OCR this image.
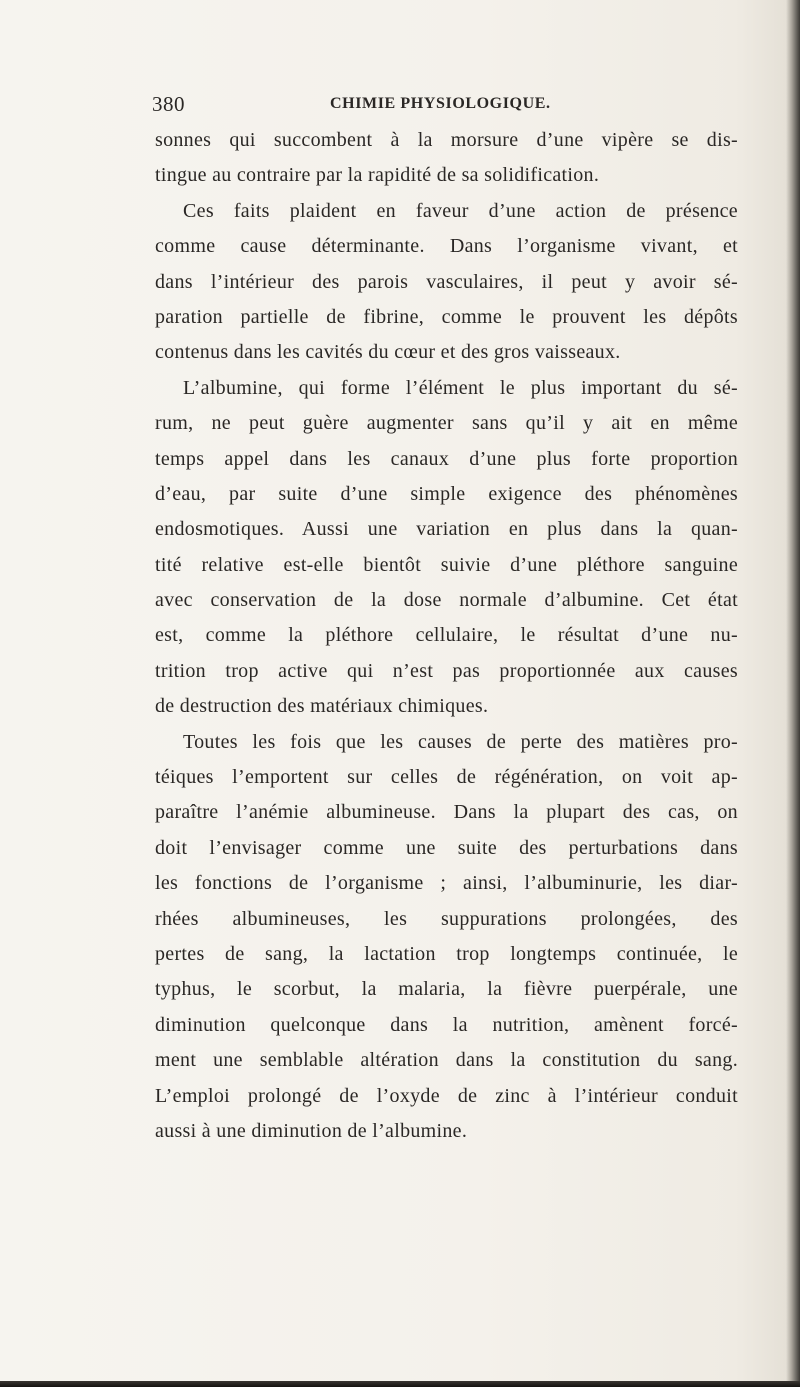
380	CHIMIE PHYSIOLOGIQUE.
sonnes qui succombent à la morsure d’une vipère se dis-
tingue au contraire par la rapidité de sa solidification.
Ces faits plaident en faveur d’une action de présence
comme cause déterminante. Dans l’organisme vivant, et
dans l’intérieur des parois vasculaires, il peut y avoir sé-
paration partielle de fibrine, comme le prouvent les dépôts
contenus dans les cavités du cœur et des gros vaisseaux.
L’albumine, qui forme l’élément le plus important du sé-
rum, ne peut guère augmenter sans qu’il y ait en même
temps appel dans les canaux d’une plus forte proportion
d’eau, par suite d’une simple exigence des phénomènes
endosmotiques. Aussi une variation en plus dans la quan-
tité relative est-elle bientôt suivie d’une pléthore sanguine
avec conservation de la dose normale d’albumine. Cet état
est, comme la pléthore cellulaire, le résultat d’une nu-
trition trop active qui n’est pas proportionnée aux causes
de destruction des matériaux chimiques.
Toutes les fois que les causes de perte des matières pro-
téiques l’emportent sur celles de régénération, on voit ap-
paraître l’anémie albumineuse. Dans la plupart des cas, on
doit l’envisager comme une suite des perturbations dans
les fonctions de l’organisme ; ainsi, l’albuminurie, les diar-
rhées albumineuses, les suppurations prolongées, des
pertes de sang, la lactation trop longtemps continuée, le
typhus, le scorbut, la malaria, la fièvre puerpérale, une
diminution quelconque dans la nutrition, amènent forcé-
ment une semblable altération dans la constitution du sang.
L’emploi prolongé de l’oxyde de zinc à l’intérieur conduit
aussi à une diminution de l’albumine.
